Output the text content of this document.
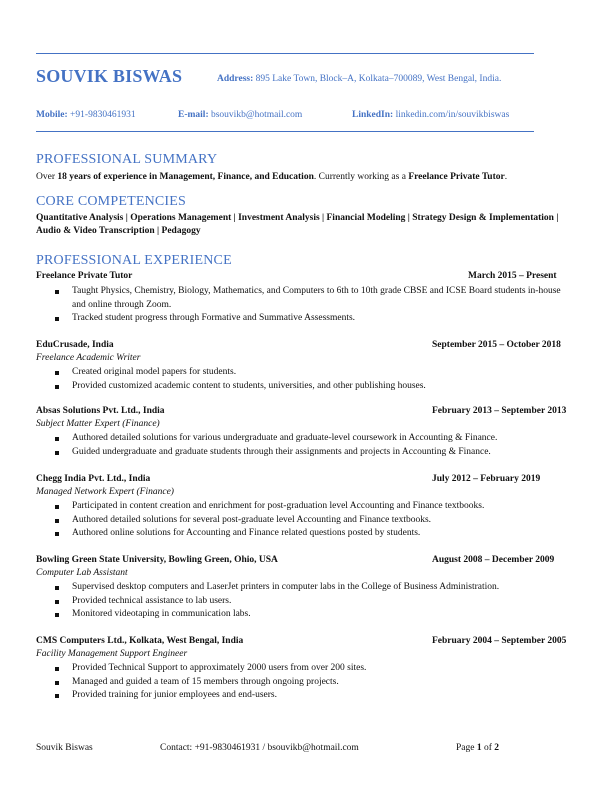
SOUVIK BISWAS	Address: 895 Lake Town, Block–A, Kolkata–700089, West Bengal, India.
Mobile: +91-9830461931	E-mail: bsouvikb@hotmail.com	LinkedIn: linkedin.com/in/souvikbiswas
PROFESSIONAL SUMMARY
Over 18 years of experience in Management, Finance, and Education. Currently working as a Freelance Private Tutor.
CORE COMPETENCIES
Quantitative Analysis | Operations Management | Investment Analysis | Financial Modeling | Strategy Design & Implementation | Audio & Video Transcription | Pedagogy
PROFESSIONAL EXPERIENCE
Freelance Private Tutor	March 2015 – Present
Taught Physics, Chemistry, Biology, Mathematics, and Computers to 6th to 10th grade CBSE and ICSE Board students in-house and online through Zoom.
Tracked student progress through Formative and Summative Assessments.
EduCrusade, India	September 2015 – October 2018
Freelance Academic Writer
Created original model papers for students.
Provided customized academic content to students, universities, and other publishing houses.
Absas Solutions Pvt. Ltd., India	February 2013 – September 2013
Subject Matter Expert (Finance)
Authored detailed solutions for various undergraduate and graduate-level coursework in Accounting & Finance.
Guided undergraduate and graduate students through their assignments and projects in Accounting & Finance.
Chegg India Pvt. Ltd., India	July 2012 – February 2019
Managed Network Expert (Finance)
Participated in content creation and enrichment for post-graduation level Accounting and Finance textbooks.
Authored detailed solutions for several post-graduate level Accounting and Finance textbooks.
Authored online solutions for Accounting and Finance related questions posted by students.
Bowling Green State University, Bowling Green, Ohio, USA	August 2008 – December 2009
Computer Lab Assistant
Supervised desktop computers and LaserJet printers in computer labs in the College of Business Administration.
Provided technical assistance to lab users.
Monitored videotaping in communication labs.
CMS Computers Ltd., Kolkata, West Bengal, India	February 2004 – September 2005
Facility Management Support Engineer
Provided Technical Support to approximately 2000 users from over 200 sites.
Managed and guided a team of 15 members through ongoing projects.
Provided training for junior employees and end-users.
Souvik Biswas	Contact: +91-9830461931 / bsouvikb@hotmail.com	Page 1 of 2
